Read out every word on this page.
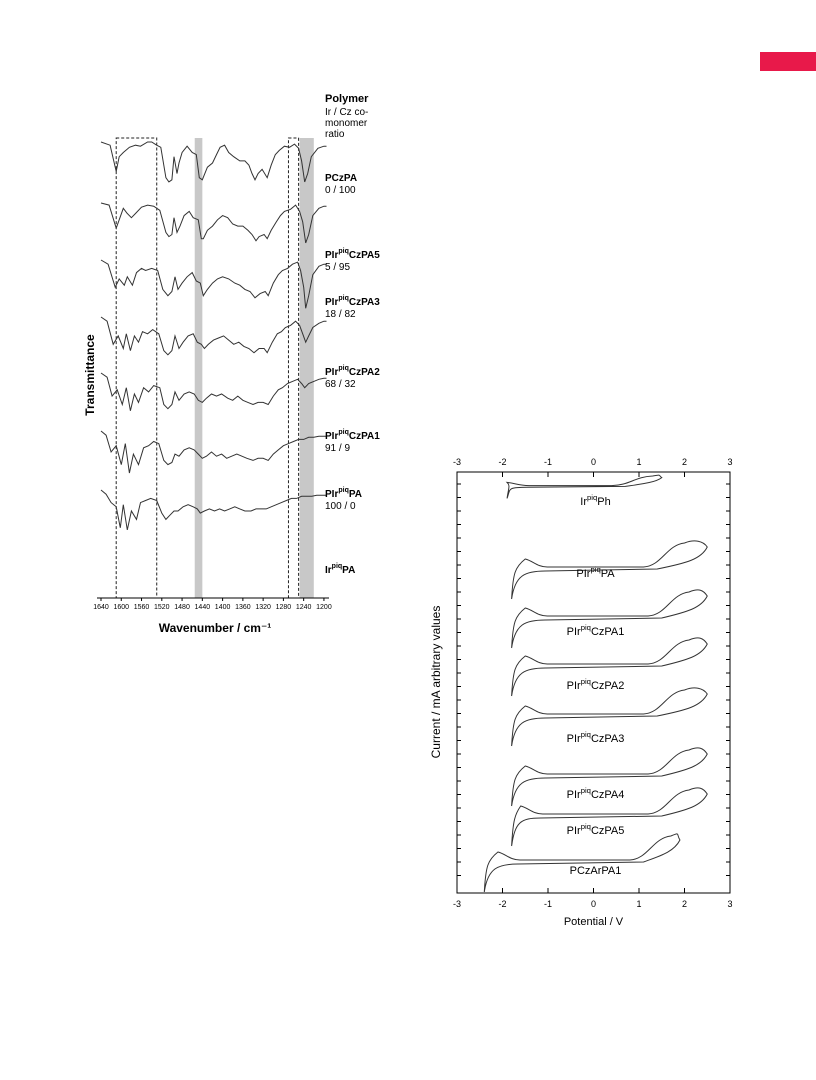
1640 1600 1560 1520 1480 1440 1400 1360 1320 1280 1240 1200
Wavenumber / cm⁻¹
Transmittance
Polymer
Ir / Cz co-
monomer
ratio
PCzPA
0 / 100
PIr$^{piq}$CzPA5
5 / 95
PIr$^{piq}$CzPA3
18 / 82
PIr$^{piq}$CzPA2
68 / 32
PIr$^{piq}$CzPA1
91 / 9
PIr$^{piq}$PA
100 / 0
$Ir^{piq}PA$
-3
-3
-2
-2
-1
-1
0
0
1
1
2
2
3
3
Potential / V
Current / mA arbitrary values
$Ir^{piq}Ph$
PIr$^{piq}$PA
PIr$^{piq}$CzPA1
PIr$^{piq}$CzPA2
PIr$^{piq}$CzPA3
PIr$^{piq}$CzPA4
PIr$^{piq}$CzPA5
PCzArPA1
